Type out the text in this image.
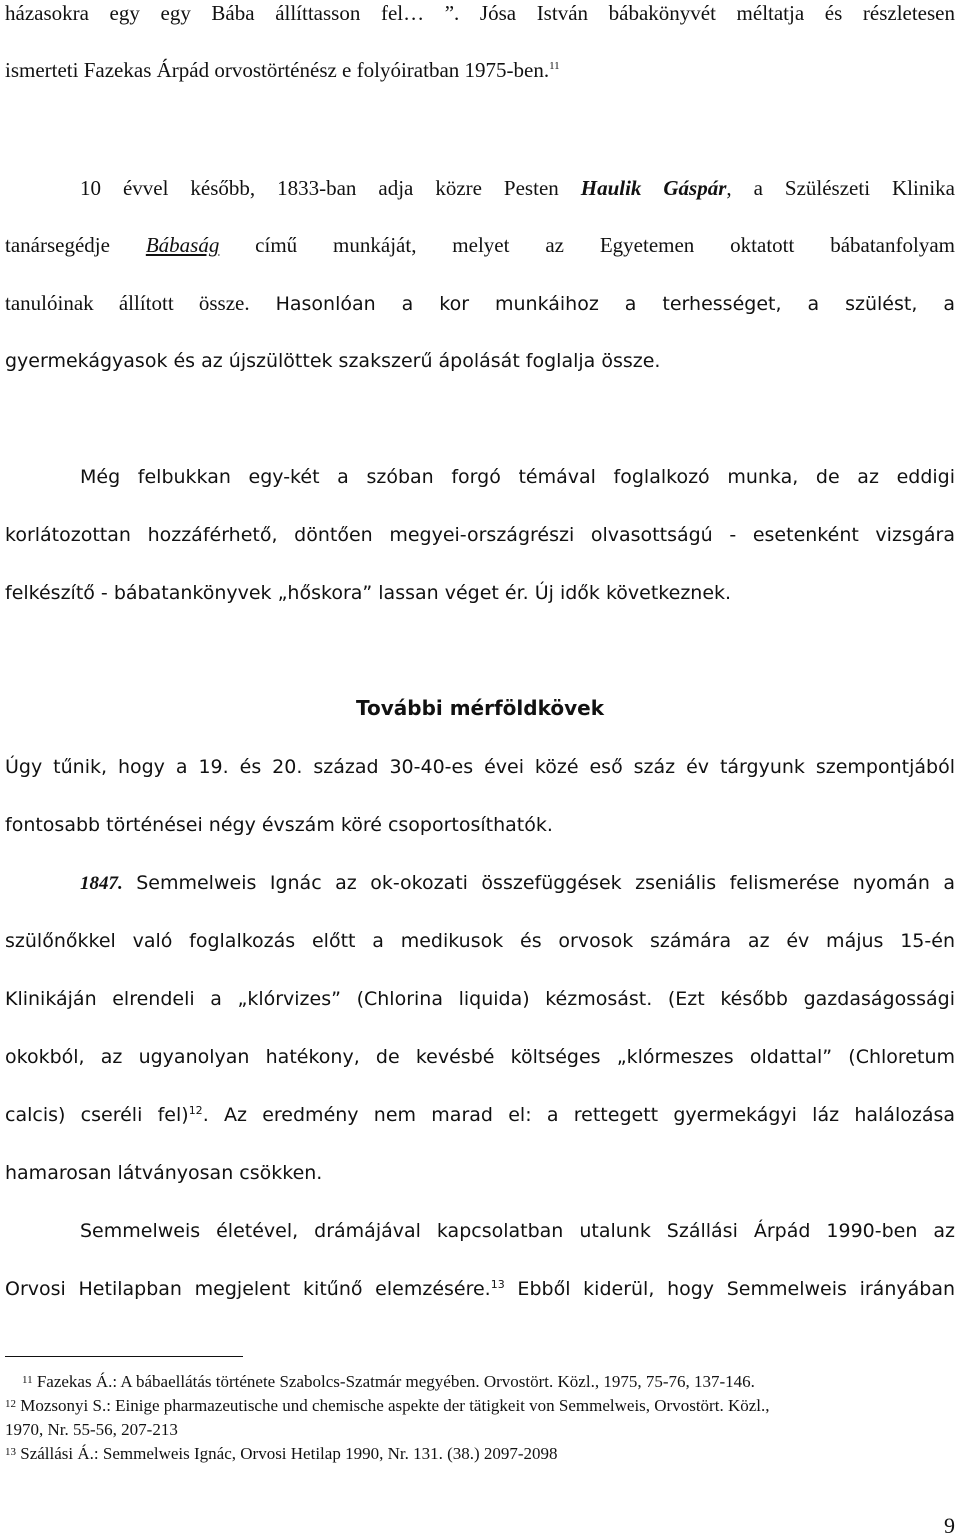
házasokra egy egy Bába állíttasson fel… ”. Jósa István bábakönyvét méltatja és részletesen
ismerteti Fazekas Árpád orvostörténész e folyóiratban 1975-ben.$^{11}$
10 évvel később, 1833-ban adja közre Pesten Haulik Gáspár, a Szülészeti Klinika
tanársegédje Bábaság című munkáját, melyet az Egyetemen oktatott bábatanfolyam
tanulóinak állított össze. Hasonlóan a kor munkáihoz a terhességet, a szülést, a
gyermekágyasok és az újszülöttek szakszerű ápolását foglalja össze.
Még felbukkan egy-két a szóban forgó témával foglalkozó munka, de az eddigi
korlátozottan hozzáférhető, döntően megyei-országrészi olvasottságú - esetenként vizsgára
felkészítő - bábatankönyvek „hőskora” lassan véget ér. Új idők következnek.
További mérföldkövek
Úgy tűnik, hogy a 19. és 20. század 30-40-es évei közé eső száz év tárgyunk szempontjából
fontosabb történései négy évszám köré csoportosíthatók.
1847. Semmelweis Ignác az ok-okozati összefüggések zseniális felismerése nyomán a
szülőnőkkel való foglalkozás előtt a medikusok és orvosok számára az év május 15-én
Klinikáján elrendeli a „klórvizes” (Chlorina liquida) kézmosást. (Ezt később gazdaságossági
okokból, az ugyanolyan hatékony, de kevésbé költséges „klórmeszes oldattal” (Chloretum
calcis) cseréli fel)$^{12}$. Az eredmény nem marad el: a rettegett gyermekágyi láz halálozása
hamarosan látványosan csökken.
Semmelweis életével, drámájával kapcsolatban utalunk Szállási Árpád 1990-ben az
Orvosi Hetilapban megjelent kitűnő elemzésére.$^{13}$ Ebből kiderül, hogy Semmelweis irányában
$^{11}$ Fazekas Á.: A bábaellátás története Szabolcs-Szatmár megyében. Orvostört. Közl., 1975, 75-76, 137-146.
$^{12}$ Mozsonyi S.: Einige pharmazeutische und chemische aspekte der tätigkeit von Semmelweis, Orvostört. Közl.,
1970, Nr. 55-56, 207-213
$^{13}$ Szállási Á.: Semmelweis Ignác, Orvosi Hetilap 1990, Nr. 131. (38.) 2097-2098
9
